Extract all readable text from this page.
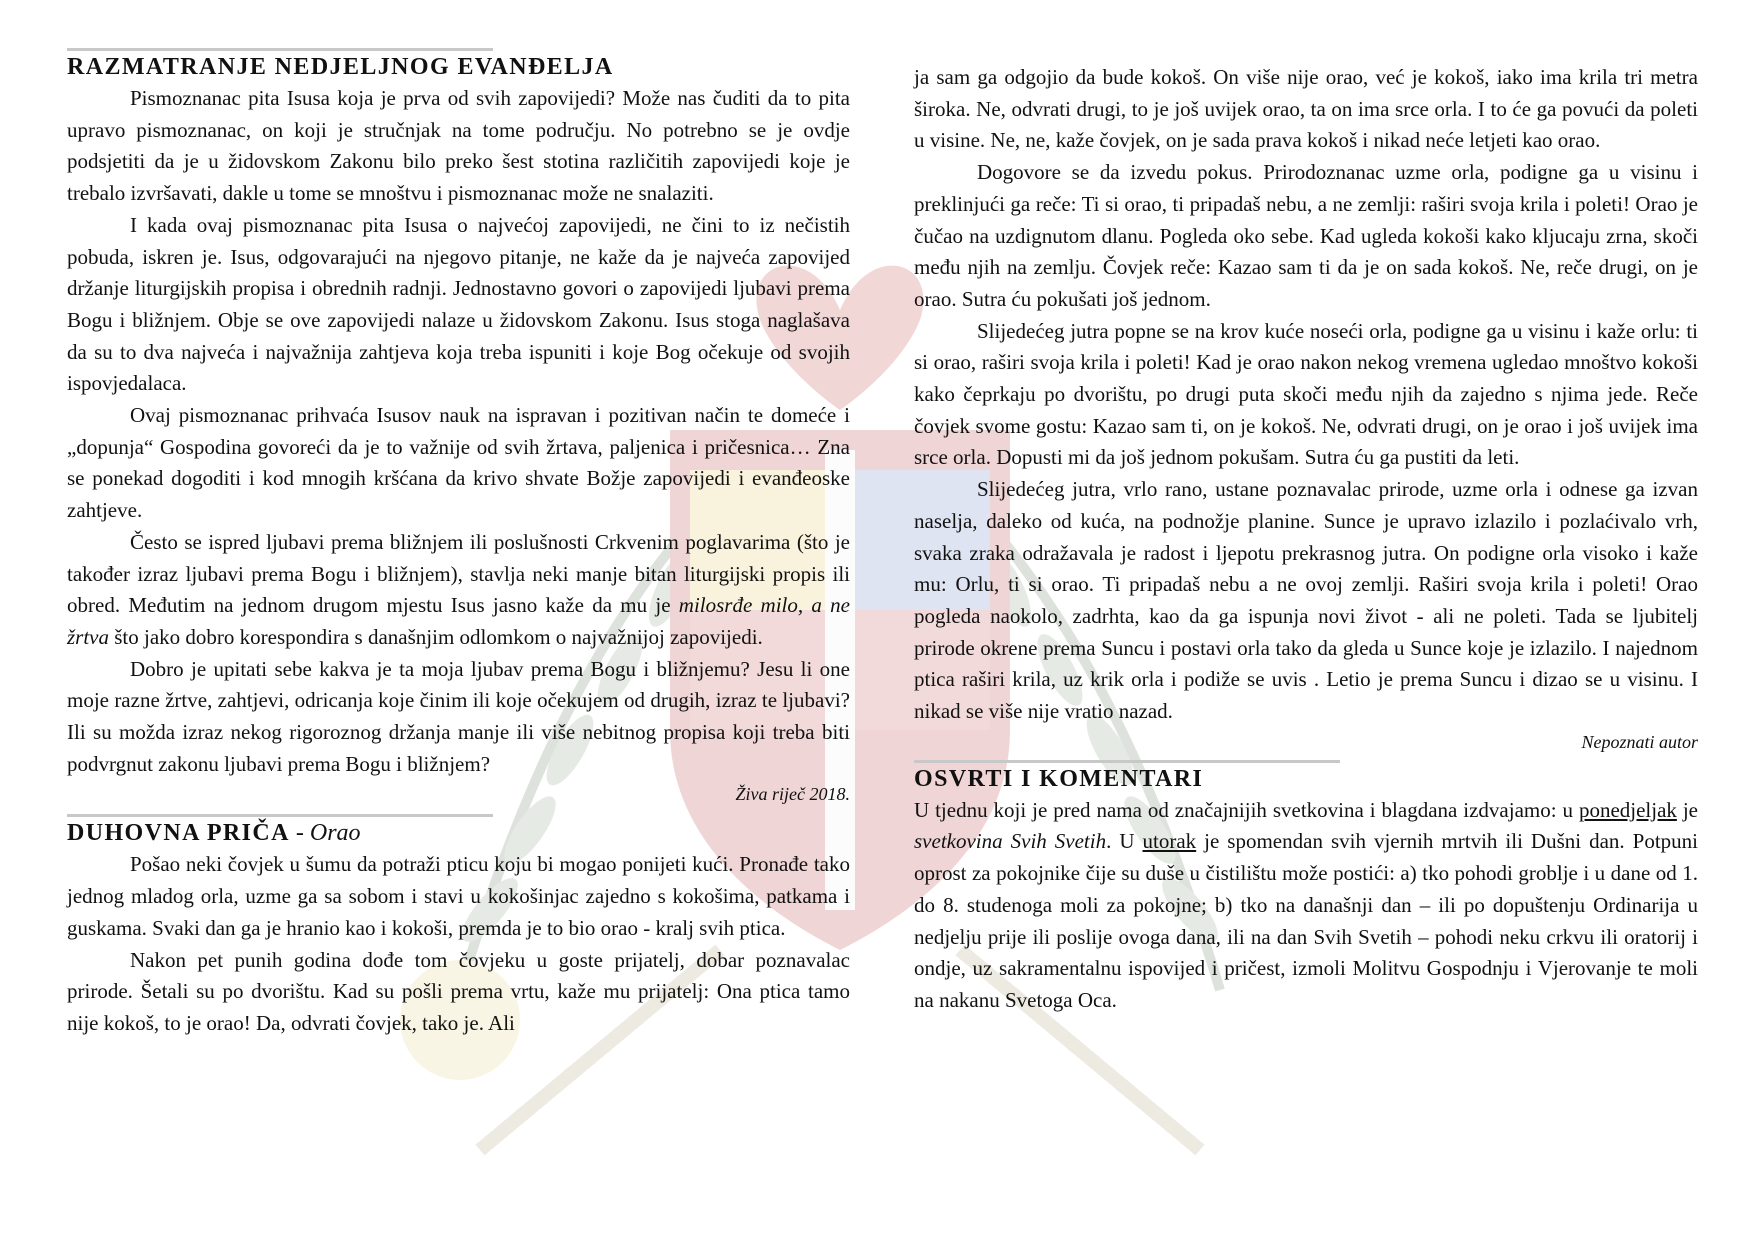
RAZMATRANJE NEDJELJNOG EVANĐELJA

Pismoznanac pita Isusa koja je prva od svih zapovijedi? Može nas čuditi da to pita upravo pismoznanac, on koji je stručnjak na tome području. No potrebno se je ovdje podsjetiti da je u židovskom Zakonu bilo preko šest stotina različitih zapovijedi koje je trebalo izvršavati, dakle u tome se mnoštvu i pismoznanac može ne snalaziti.

I kada ovaj pismoznanac pita Isusa o najvećoj zapovijedi, ne čini to iz nečistih pobuda, iskren je. Isus, odgovarajući na njegovo pitanje, ne kaže da je najveća zapovijed držanje liturgijskih propisa i obrednih radnji. Jednostavno govori o zapovijedi ljubavi prema Bogu i bližnjem. Obje se ove zapovijedi nalaze u židovskom Zakonu. Isus stoga naglašava da su to dva najveća i najvažnija zahtjeva koja treba ispuniti i koje Bog očekuje od svojih ispovjedalaca.

Ovaj pismoznanac prihvaća Isusov nauk na ispravan i pozitivan način te domeće i „dopunja“ Gospodina govoreći da je to važnije od svih žrtava, paljenica i pričesnica… Zna se ponekad dogoditi i kod mnogih kršćana da krivo shvate Božje zapovijedi i evanđeoske zahtjeve.

Često se ispred ljubavi prema bližnjem ili poslušnosti Crkvenim poglavarima (što je također izraz ljubavi prema Bogu i bližnjem), stavlja neki manje bitan liturgijski propis ili obred. Međutim na jednom drugom mjestu Isus jasno kaže da mu je milosrđe milo, a ne žrtva što jako dobro korespondira s današnjim odlomkom o najvažnijoj zapovijedi.

Dobro je upitati sebe kakva je ta moja ljubav prema Bogu i bližnjemu? Jesu li one moje razne žrtve, zahtjevi, odricanja koje činim ili koje očekujem od drugih, izraz te ljubavi? Ili su možda izraz nekog rigoroznog držanja manje ili više nebitnog propisa koji treba biti podvrgnut zakonu ljubavi prema Bogu i bližnjem?

Živa riječ 2018.

DUHOVNA PRIČA - Orao

Pošao neki čovjek u šumu da potraži pticu koju bi mogao ponijeti kući. Pronađe tako jednog mladog orla, uzme ga sa sobom i stavi u kokošinjac zajedno s kokošima, patkama i guskama. Svaki dan ga je hranio kao i kokoši, premda je to bio orao - kralj svih ptica.

Nakon pet punih godina dođe tom čovjeku u goste prijatelj, dobar poznavalac prirode. Šetali su po dvorištu. Kad su pošli prema vrtu, kaže mu prijatelj: Ona ptica tamo nije kokoš, to je orao! Da, odvrati čovjek, tako je. Ali

ja sam ga odgojio da bude kokoš. On više nije orao, već je kokoš, iako ima krila tri metra široka. Ne, odvrati drugi, to je još uvijek orao, ta on ima srce orla. I to će ga povući da poleti u visine. Ne, ne, kaže čovjek, on je sada prava kokoš i nikad neće letjeti kao orao.

Dogovore se da izvedu pokus. Prirodoznanac uzme orla, podigne ga u visinu i preklinjući ga reče: Ti si orao, ti pripadaš nebu, a ne zemlji: raširi svoja krila i poleti! Orao je čučao na uzdignutom dlanu. Pogleda oko sebe. Kad ugleda kokoši kako kljucaju zrna, skoči među njih na zemlju. Čovjek reče: Kazao sam ti da je on sada kokoš. Ne, reče drugi, on je orao. Sutra ću pokušati još jednom.

Slijedećeg jutra popne se na krov kuće noseći orla, podigne ga u visinu i kaže orlu: ti si orao, raširi svoja krila i poleti! Kad je orao nakon nekog vremena ugledao mnoštvo kokoši kako čeprkaju po dvorištu, po drugi puta skoči među njih da zajedno s njima jede. Reče čovjek svome gostu: Kazao sam ti, on je kokoš. Ne, odvrati drugi, on je orao i još uvijek ima srce orla. Dopusti mi da još jednom pokušam. Sutra ću ga pustiti da leti.

Slijedećeg jutra, vrlo rano, ustane poznavalac prirode, uzme orla i odnese ga izvan naselja, daleko od kuća, na podnožje planine. Sunce je upravo izlazilo i pozlaćivalo vrh, svaka zraka odražavala je radost i ljepotu prekrasnog jutra. On podigne orla visoko i kaže mu: Orlu, ti si orao. Ti pripadaš nebu a ne ovoj zemlji. Raširi svoja krila i poleti! Orao pogleda naokolo, zadrhta, kao da ga ispunja novi život - ali ne poleti. Tada se ljubitelj prirode okrene prema Suncu i postavi orla tako da gleda u Sunce koje je izlazilo. I najednom ptica raširi krila, uz krik orla i podiže se uvis . Letio je prema Suncu i dizao se u visinu. I nikad se više nije vratio nazad.

Nepoznati autor

OSVRTI I KOMENTARI

U tjednu koji je pred nama od značajnijih svetkovina i blagdana izdvajamo: u ponedjeljak je svetkovina Svih Svetih. U utorak je spomendan svih vjernih mrtvih ili Dušni dan. Potpuni oprost za pokojnike čije su duše u čistilištu može postići: a) tko pohodi groblje i u dane od 1. do 8. studenoga moli za pokojne; b) tko na današnji dan – ili po dopuštenju Ordinarija u nedjelju prije ili poslije ovoga dana, ili na dan Svih Svetih – pohodi neku crkvu ili oratorij i ondje, uz sakramentalnu ispovijed i pričest, izmoli Molitvu Gospodnju i Vjerovanje te moli na nakanu Svetoga Oca.
